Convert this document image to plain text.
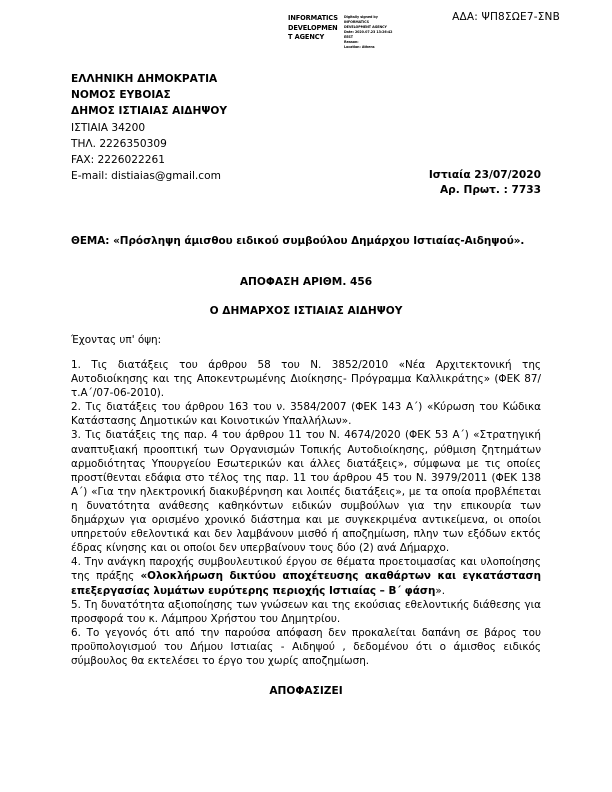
ΑΔΑ: ΨΠ8ΣΩΕ7-ΣΝΒ
INFORMATICS
DEVELOPMEN
T AGENCY
Digitally signed by
INFORMATICS
DEVELOPMENT AGENCY
Date: 2020.07.23 13:26:42
EEST
Reason:
Location: Athens
ΕΛΛΗΝΙΚΗ ΔΗΜΟΚΡΑΤΙΑ
ΝΟΜΟΣ ΕΥΒΟΙΑΣ
ΔΗΜΟΣ ΙΣΤΙΑΙΑΣ ΑΙΔΗΨΟΥ
ΙΣΤΙΑΙΑ 34200
ΤΗΛ. 2226350309
FAX: 2226022261
E-mail: distiaias@gmail.com	Ιστιαία 23/07/2020
Αρ. Πρωτ. : 7733
ΘΕΜΑ: «Πρόσληψη άμισθου ειδικού συμβούλου Δημάρχου Ιστιαίας-Αιδηψού».
ΑΠΟΦΑΣΗ ΑΡΙΘΜ. 456
Ο ΔΗΜΑΡΧΟΣ ΙΣΤΙΑΙΑΣ ΑΙΔΗΨΟΥ
Έχοντας υπ' όψη:

1. Τις διατάξεις του άρθρου 58 του Ν. 3852/2010 «Νέα Αρχιτεκτονική της Αυτοδιοίκησης και της Αποκεντρωμένης Διοίκησης- Πρόγραμμα Καλλικράτης» (ΦΕΚ 87/τ.Α΄/07-06-2010).

2. Τις διατάξεις του άρθρου 163 του ν. 3584/2007 (ΦΕΚ 143 Α΄) «Κύρωση του Κώδικα Κατάστασης Δημοτικών και Κοινοτικών Υπαλλήλων».

3. Τις διατάξεις της παρ. 4 του άρθρου 11 του Ν. 4674/2020 (ΦΕΚ 53 Α΄) «Στρατηγική αναπτυξιακή προοπτική των Οργανισμών Τοπικής Αυτοδιοίκησης, ρύθμιση ζητημάτων αρμοδιότητας Υπουργείου Εσωτερικών και άλλες διατάξεις», σύμφωνα με τις οποίες προστίθενται εδάφια στο τέλος της παρ. 11 του άρθρου 45 του Ν. 3979/2011 (ΦΕΚ 138 Α΄) «Για την ηλεκτρονική διακυβέρνηση και λοιπές διατάξεις», με τα οποία προβλέπεται η δυνατότητα ανάθεσης καθηκόντων ειδικών συμβούλων για την επικουρία των δημάρχων για ορισμένο χρονικό διάστημα και με συγκεκριμένα αντικείμενα, οι οποίοι υπηρετούν εθελοντικά και δεν λαμβάνουν μισθό ή αποζημίωση, πλην των εξόδων εκτός έδρας κίνησης και οι οποίοι δεν υπερβαίνουν τους δύο (2) ανά Δήμαρχο.

4. Την ανάγκη παροχής συμβουλευτικού έργου σε θέματα προετοιμασίας και υλοποίησης της πράξης «Ολοκλήρωση δικτύου αποχέτευσης ακαθάρτων και εγκατάσταση επεξεργασίας λυμάτων ευρύτερης περιοχής Ιστιαίας – Β΄ φάση».

5. Τη δυνατότητα αξιοποίησης των γνώσεων και της εκούσιας εθελοντικής διάθεσης για προσφορά του κ. Λάμπρου Χρήστου του Δημητρίου.

6. Το γεγονός ότι από την παρούσα απόφαση δεν προκαλείται δαπάνη σε βάρος του προϋπολογισμού του Δήμου Ιστιαίας - Αιδηψού , δεδομένου ότι ο άμισθος ειδικός σύμβουλος θα εκτελέσει το έργο του χωρίς αποζημίωση.

ΑΠΟΦΑΣΙΖΕΙ
